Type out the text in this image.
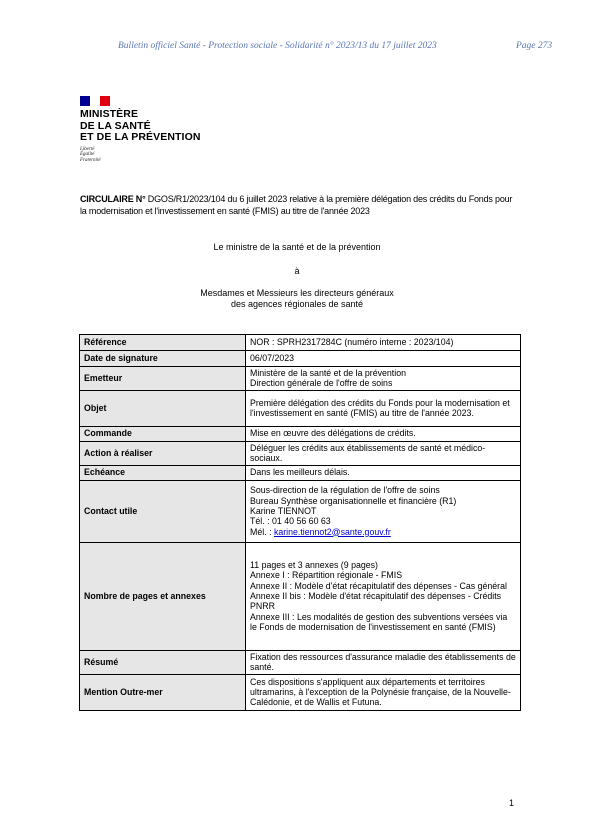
Bulletin officiel Santé - Protection sociale - Solidarité n° 2023/13 du 17 juillet 2023	Page 273
MINISTÈRE
DE LA SANTÉ
ET DE LA PRÉVENTION
Liberté
Égalité
Fraternité
CIRCULAIRE N° DGOS/R1/2023/104 du 6 juillet 2023 relative à la première délégation des crédits du Fonds pour la modernisation et l'investissement en santé (FMIS) au titre de l'année 2023
Le ministre de la santé et de la prévention
à
Mesdames et Messieurs les directeurs généraux
des agences régionales de santé
Référence	NOR : SPRH2317284C (numéro interne : 2023/104)

Date de signature	06/07/2023

Emetteur	Ministère de la santé et de la prévention
Direction générale de l'offre de soins

Objet	Première délégation des crédits du Fonds pour la modernisation et l'investissement en santé (FMIS) au titre de l'année 2023.

Commande	Mise en œuvre des délégations de crédits.

Action à réaliser	Déléguer les crédits aux établissements de santé et médico-sociaux.

Echéance	Dans les meilleurs délais.

Contact utile	Sous-direction de la régulation de l'offre de soins
Bureau Synthèse organisationnelle et financière (R1)
Karine TIENNOT
Tél. : 01 40 56 60 63
Mél. : karine.tiennot2@sante.gouv.fr

Nombre de pages et annexes	11 pages et 3 annexes (9 pages)
Annexe I : Répartition régionale - FMIS
Annexe II : Modèle d'état récapitulatif des dépenses - Cas général
Annexe II bis : Modèle d'état récapitulatif des dépenses - Crédits PNRR
Annexe III : Les modalités de gestion des subventions versées via le Fonds de modernisation de l'investissement en santé (FMIS)

Résumé	Fixation des ressources d'assurance maladie des établissements de santé.

Mention Outre-mer	Ces dispositions s'appliquent aux départements et territoires ultramarins, à l'exception de la Polynésie française, de la Nouvelle-Calédonie, et de Wallis et Futuna.
1
